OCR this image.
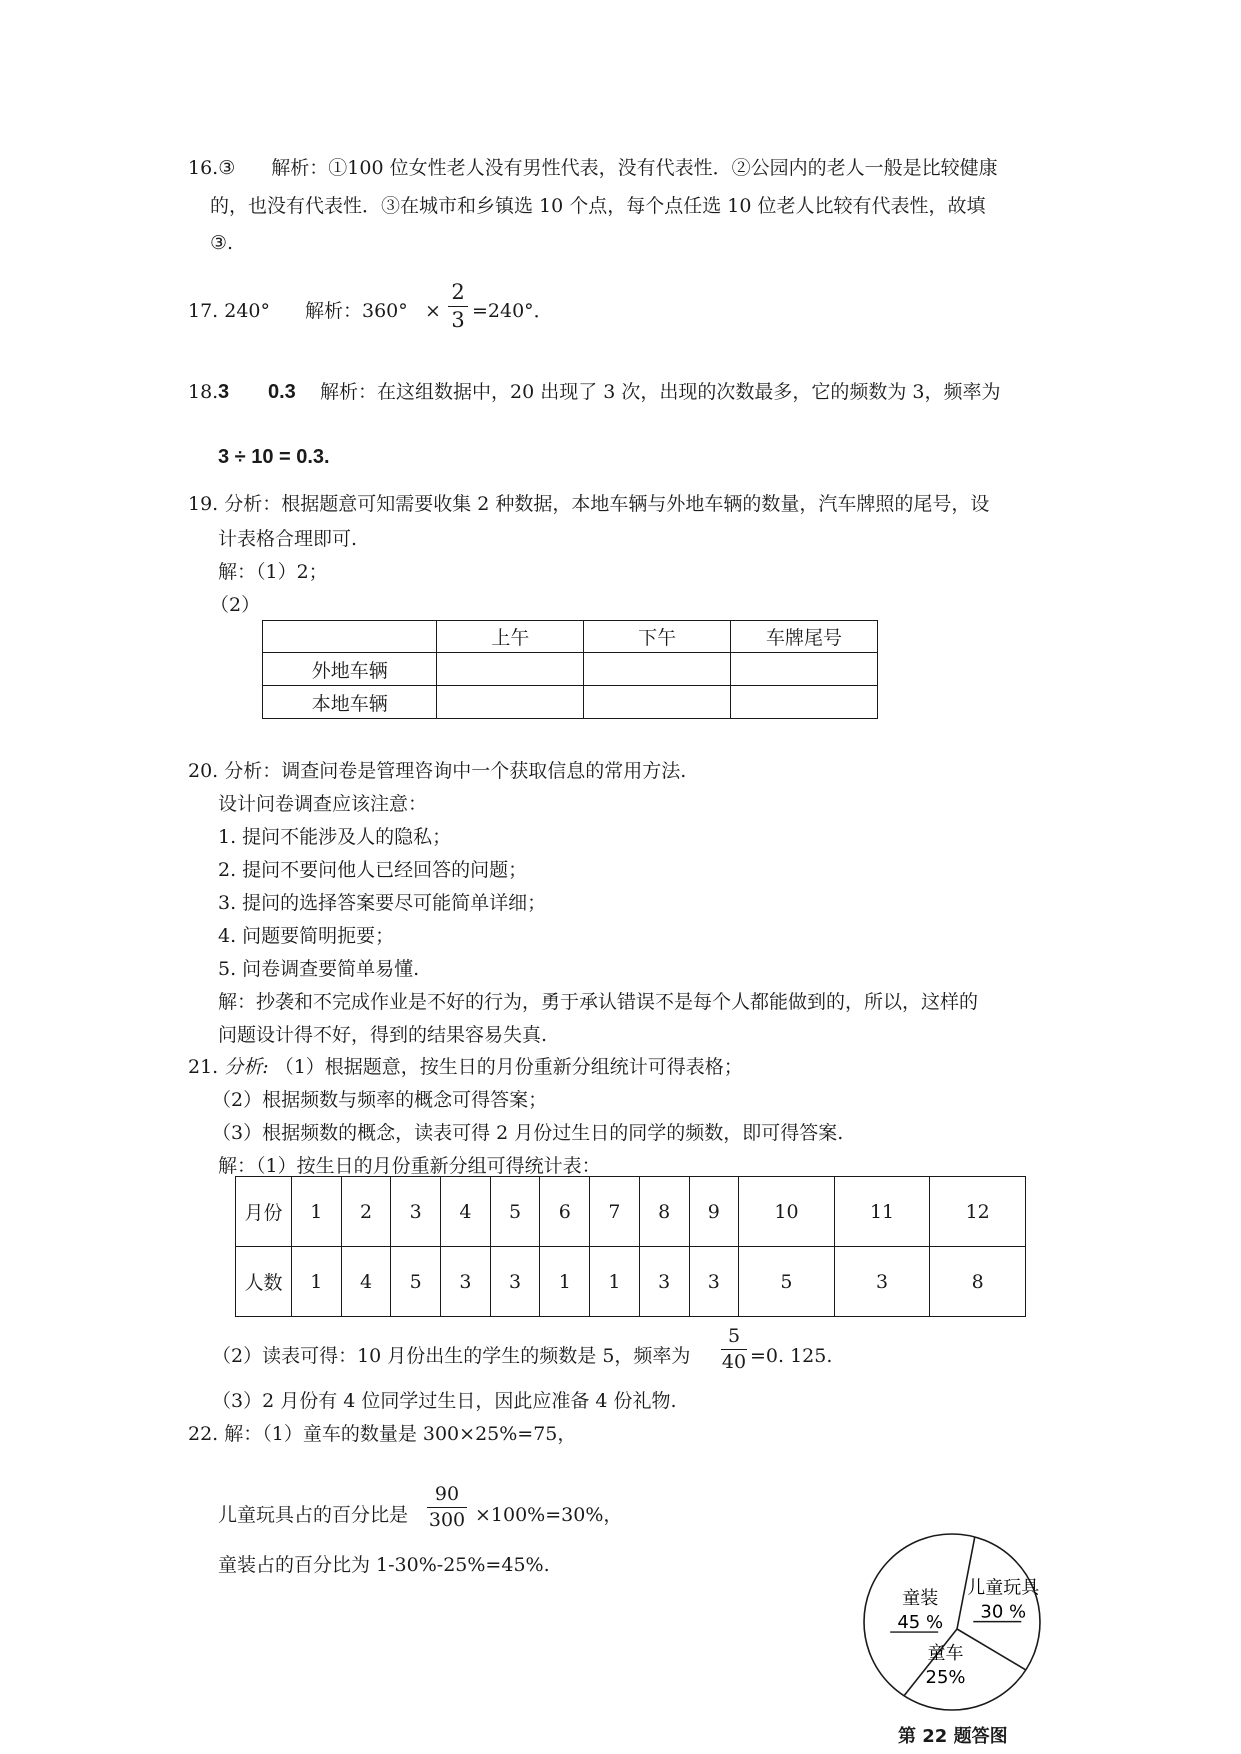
16.③ 解析：①100 位女性老人没有男性代表，没有代表性．②公园内的老人一般是比较健康
的，也没有代表性．③在城市和乡镇选 10 个点，每个点任选 10 位老人比较有代表性，故填
③.
17. 240° 解析：360° ×
2
3 =240°．
18. 3 0.3 解析：在这组数据中，20 出现了 3 次，出现的次数最多，它的频数为 3，频率为
3 ÷ 10 = 0.3.
19. 分析：根据题意可知需要收集 2 种数据，本地车辆与外地车辆的数量，汽车牌照的尾号，设
计表格合理即可.
解：（1）2；
（2）
	上午	下午	车牌尾号
外地车辆			
本地车辆			
20. 分析：调查问卷是管理咨询中一个获取信息的常用方法.
设计问卷调查应该注意：
1. 提问不能涉及人的隐私；
2. 提问不要问他人已经回答的问题；
3. 提问的选择答案要尽可能简单详细；
4. 问题要简明扼要；
5. 问卷调查要简单易懂.
解：抄袭和不完成作业是不好的行为，勇于承认错误不是每个人都能做到的，所以，这样的
问题设计得不好，得到的结果容易失真.
21. 分析: （1）根据题意，按生日的月份重新分组统计可得表格；
（2）根据频数与频率的概念可得答案；
（3）根据频数的概念，读表可得 2 月份过生日的同学的频数，即可得答案.
解：（1）按生日的月份重新分组可得统计表：
月份	1	2	3	4	5	6	7	8	9	10	11	12
人数	1	4	5	3	3	1	1	3	3	5	3	8
（2）读表可得：10 月份出生的学生的频数是 5，频率为
5
40 =0. 125.
（3）2 月份有 4 位同学过生日，因此应准备 4 份礼物.
22. 解：（1）童车的数量是 300×25%=75，
儿童玩具占的百分比是
90
300 ×100%=30%，
童装占的百分比为 1-30%-25%=45%.
儿童玩具
30 %
童车
25%
童装
45 %
第 22 题答图
